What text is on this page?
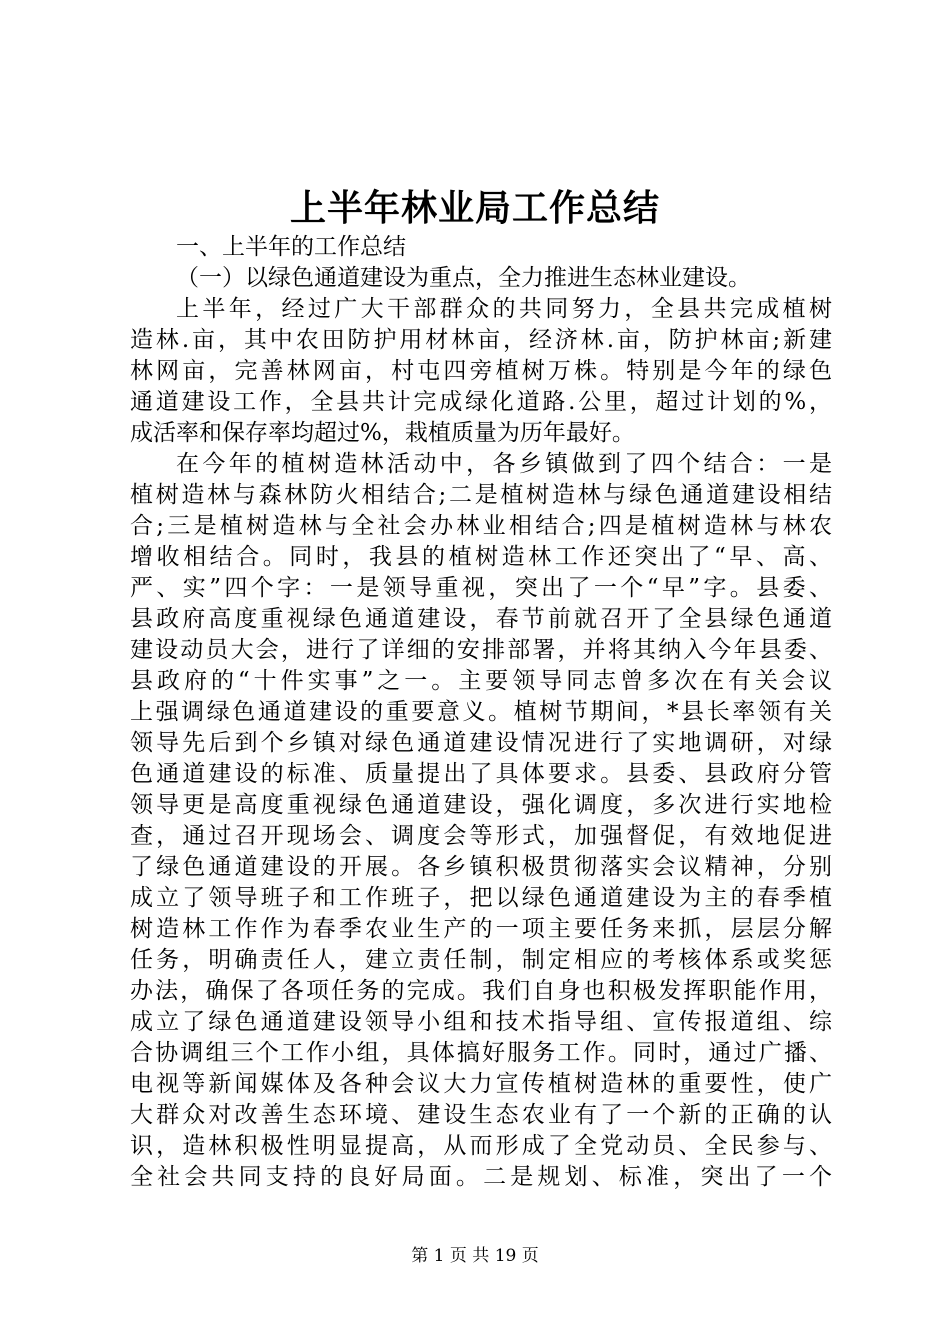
上半年林业局工作总结
一、上半年的工作总结
（一）以绿色通道建设为重点，全力推进生态林业建设。
上半年，经过广大干部群众的共同努力，全县共完成植树
造林.亩，其中农田防护用材林亩，经济林.亩，防护林亩;新建
林网亩，完善林网亩，村屯四旁植树万株。特别是今年的绿色
通道建设工作，全县共计完成绿化道路.公里，超过计划的%，
成活率和保存率均超过%，栽植质量为历年最好。
在今年的植树造林活动中，各乡镇做到了四个结合：一是
植树造林与森林防火相结合;二是植树造林与绿色通道建设相结
合;三是植树造林与全社会办林业相结合;四是植树造林与林农
增收相结合。同时，我县的植树造林工作还突出了“早、高、
严、实”四个字：一是领导重视，突出了一个“早”字。县委、
县政府高度重视绿色通道建设，春节前就召开了全县绿色通道
建设动员大会，进行了详细的安排部署，并将其纳入今年县委、
县政府的“十件实事”之一。主要领导同志曾多次在有关会议
上强调绿色通道建设的重要意义。植树节期间，*县长率领有关
领导先后到个乡镇对绿色通道建设情况进行了实地调研，对绿
色通道建设的标准、质量提出了具体要求。县委、县政府分管
领导更是高度重视绿色通道建设，强化调度，多次进行实地检
查，通过召开现场会、调度会等形式，加强督促，有效地促进
了绿色通道建设的开展。各乡镇积极贯彻落实会议精神，分别
成立了领导班子和工作班子，把以绿色通道建设为主的春季植
树造林工作作为春季农业生产的一项主要任务来抓，层层分解
任务，明确责任人，建立责任制，制定相应的考核体系或奖惩
办法，确保了各项任务的完成。我们自身也积极发挥职能作用，
成立了绿色通道建设领导小组和技术指导组、宣传报道组、综
合协调组三个工作小组，具体搞好服务工作。同时，通过广播、
电视等新闻媒体及各种会议大力宣传植树造林的重要性，使广
大群众对改善生态环境、建设生态农业有了一个新的正确的认
识，造林积极性明显提高，从而形成了全党动员、全民参与、
全社会共同支持的良好局面。二是规划、标准，突出了一个
第 1 页 共 19 页
